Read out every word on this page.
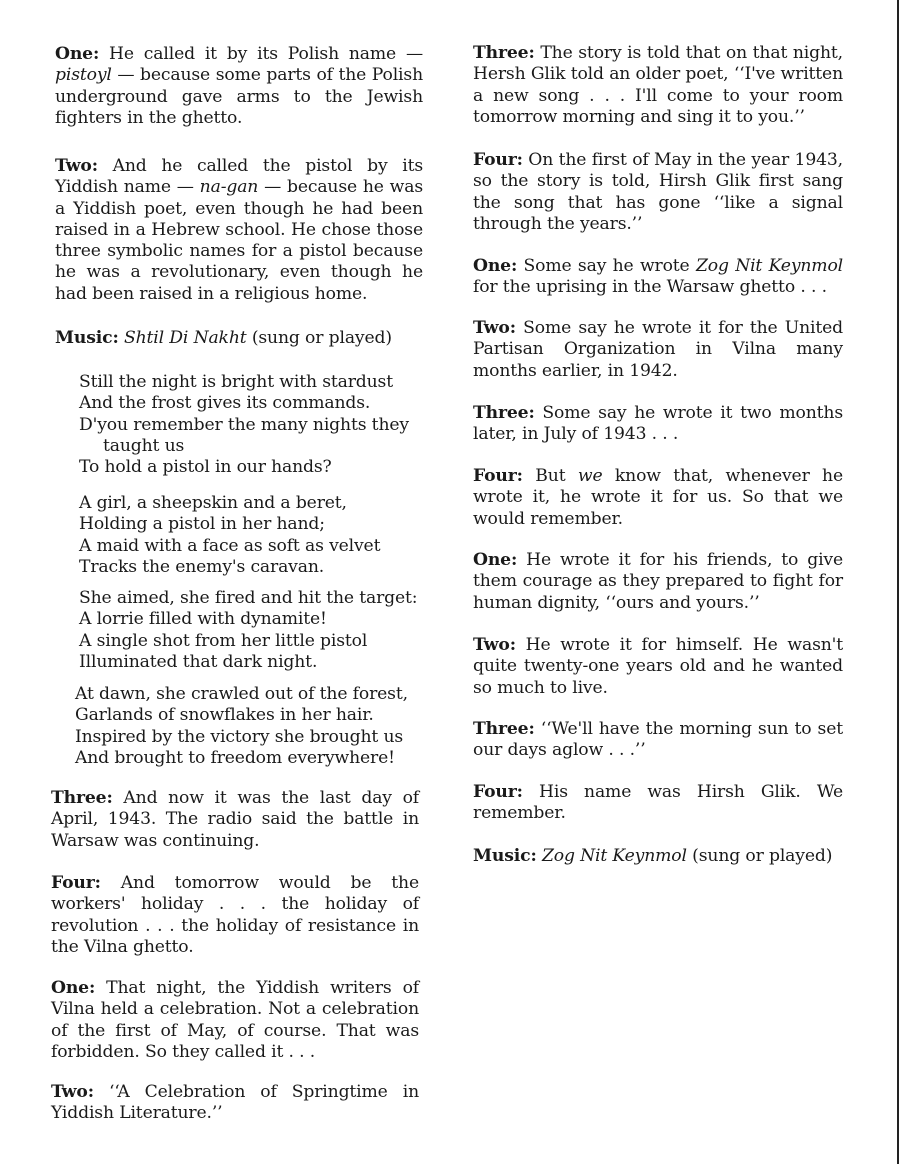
One: He called it by its Polish name — pistoyl — because some parts of the Polish underground gave arms to the Jewish fighters in the ghetto.

Two: And he called the pistol by its Yiddish name — na-gan — because he was a Yiddish poet, even though he had been raised in a Hebrew school. He chose those three symbolic names for a pistol because he was a revolutionary, even though he had been raised in a religious home.

Music: Shtil Di Nakht (sung or played)

Still the night is bright with stardust
And the frost gives its commands.
D'you remember the many nights they
taught us
To hold a pistol in our hands?
A girl, a sheepskin and a beret,
Holding a pistol in her hand;
A maid with a face as soft as velvet
Tracks the enemy's caravan.
She aimed, she fired and hit the target:
A lorrie filled with dynamite!
A single shot from her little pistol
Illuminated that dark night.
At dawn, she crawled out of the forest,
Garlands of snowflakes in her hair.
Inspired by the victory she brought us
And brought to freedom everywhere!

Three: And now it was the last day of April, 1943. The radio said the battle in Warsaw was continuing.

Four: And tomorrow would be the workers' holiday . . . the holiday of revolution . . . the holiday of resistance in the Vilna ghetto.

One: That night, the Yiddish writers of Vilna held a celebration. Not a celebration of the first of May, of course. That was forbidden. So they called it . . .

Two: ‘‘A Celebration of Springtime in Yiddish Literature.’’

Three: The story is told that on that night, Hersh Glik told an older poet, ‘‘I've written a new song . . . I'll come to your room tomorrow morning and sing it to you.’’

Four: On the first of May in the year 1943, so the story is told, Hirsh Glik first sang the song that has gone ‘‘like a signal through the years.’’

One: Some say he wrote Zog Nit Keynmol for the uprising in the Warsaw ghetto . . .

Two: Some say he wrote it for the United Partisan Organization in Vilna many months earlier, in 1942.

Three: Some say he wrote it two months later, in July of 1943 . . .

Four: But we know that, whenever he wrote it, he wrote it for us. So that we would remember.

One: He wrote it for his friends, to give them courage as they prepared to fight for human dignity, ‘‘ours and yours.’’

Two: He wrote it for himself. He wasn't quite twenty-one years old and he wanted so much to live.

Three: ‘‘We'll have the morning sun to set our days aglow . . .’’

Four: His name was Hirsh Glik. We remember.

Music: Zog Nit Keynmol (sung or played)
